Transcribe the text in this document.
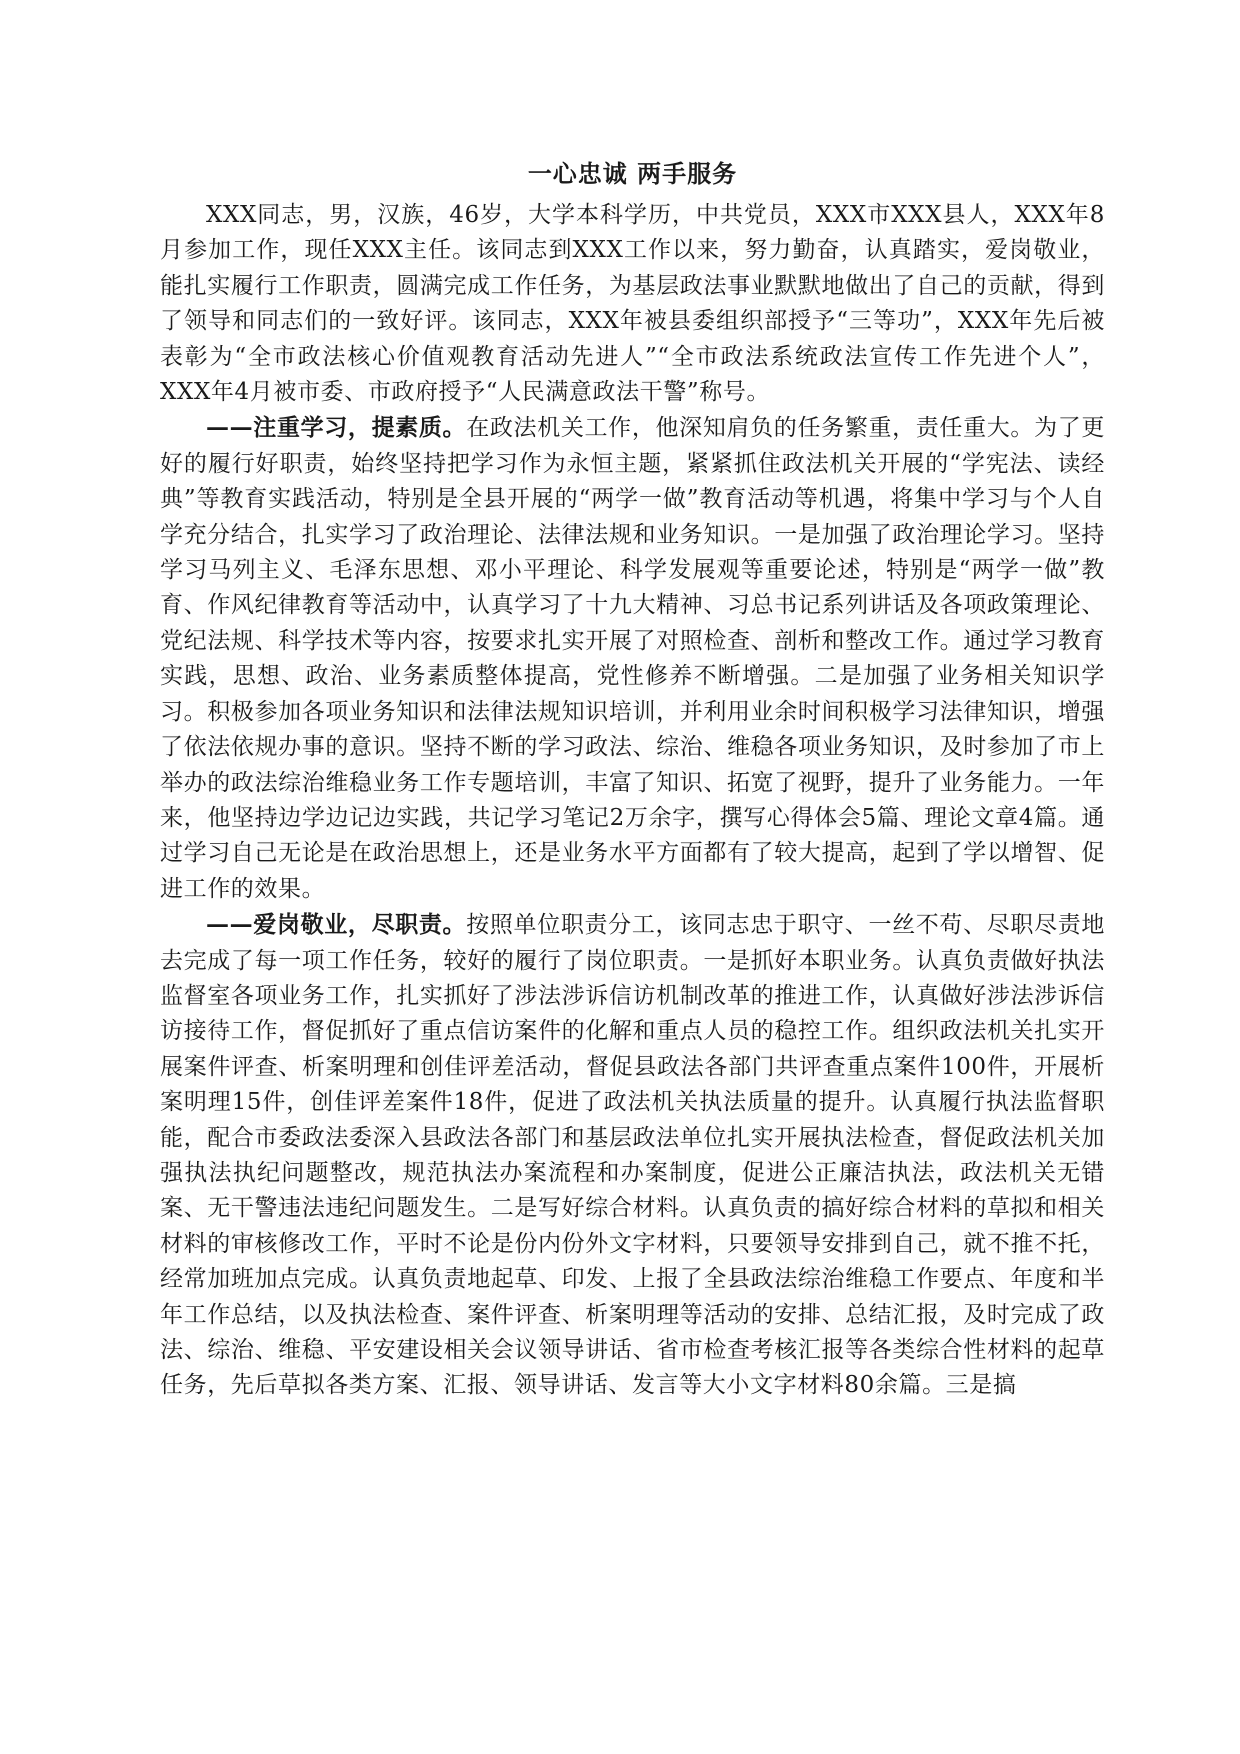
一心忠诚 两手服务

XXX同志，男，汉族，46岁，大学本科学历，中共党员，XXX市XXX县人，XXX年8月参加工作，现任XXX主任。该同志到XXX工作以来，努力勤奋，认真踏实，爱岗敬业，能扎实履行工作职责，圆满完成工作任务，为基层政法事业默默地做出了自己的贡献，得到了领导和同志们的一致好评。该同志，XXX年被县委组织部授予“三等功”，XXX年先后被表彰为“全市政法核心价值观教育活动先进人”“全市政法系统政法宣传工作先进个人”，XXX年4月被市委、市政府授予“人民满意政法干警”称号。

——注重学习，提素质。在政法机关工作，他深知肩负的任务繁重，责任重大。为了更好的履行好职责，始终坚持把学习作为永恒主题，紧紧抓住政法机关开展的“学宪法、读经典”等教育实践活动，特别是全县开展的“两学一做”教育活动等机遇，将集中学习与个人自学充分结合，扎实学习了政治理论、法律法规和业务知识。一是加强了政治理论学习。坚持学习马列主义、毛泽东思想、邓小平理论、科学发展观等重要论述，特别是“两学一做”教育、作风纪律教育等活动中，认真学习了十九大精神、习总书记系列讲话及各项政策理论、党纪法规、科学技术等内容，按要求扎实开展了对照检查、剖析和整改工作。通过学习教育实践，思想、政治、业务素质整体提高，党性修养不断增强。二是加强了业务相关知识学习。积极参加各项业务知识和法律法规知识培训，并利用业余时间积极学习法律知识，增强了依法依规办事的意识。坚持不断的学习政法、综治、维稳各项业务知识，及时参加了市上举办的政法综治维稳业务工作专题培训，丰富了知识、拓宽了视野，提升了业务能力。一年来，他坚持边学边记边实践，共记学习笔记2万余字，撰写心得体会5篇、理论文章4篇。通过学习自己无论是在政治思想上，还是业务水平方面都有了较大提高，起到了学以增智、促进工作的效果。

——爱岗敬业，尽职责。按照单位职责分工，该同志忠于职守、一丝不苟、尽职尽责地去完成了每一项工作任务，较好的履行了岗位职责。一是抓好本职业务。认真负责做好执法监督室各项业务工作，扎实抓好了涉法涉诉信访机制改革的推进工作，认真做好涉法涉诉信访接待工作，督促抓好了重点信访案件的化解和重点人员的稳控工作。组织政法机关扎实开展案件评查、析案明理和创佳评差活动，督促县政法各部门共评查重点案件100件，开展析案明理15件，创佳评差案件18件，促进了政法机关执法质量的提升。认真履行执法监督职能，配合市委政法委深入县政法各部门和基层政法单位扎实开展执法检查，督促政法机关加强执法执纪问题整改，规范执法办案流程和办案制度，促进公正廉洁执法，政法机关无错案、无干警违法违纪问题发生。二是写好综合材料。认真负责的搞好综合材料的草拟和相关材料的审核修改工作，平时不论是份内份外文字材料，只要领导安排到自己，就不推不托，经常加班加点完成。认真负责地起草、印发、上报了全县政法综治维稳工作要点、年度和半年工作总结，以及执法检查、案件评查、析案明理等活动的安排、总结汇报，及时完成了政法、综治、维稳、平安建设相关会议领导讲话、省市检查考核汇报等各类综合性材料的起草任务，先后草拟各类方案、汇报、领导讲话、发言等大小文字材料80余篇。三是搞
